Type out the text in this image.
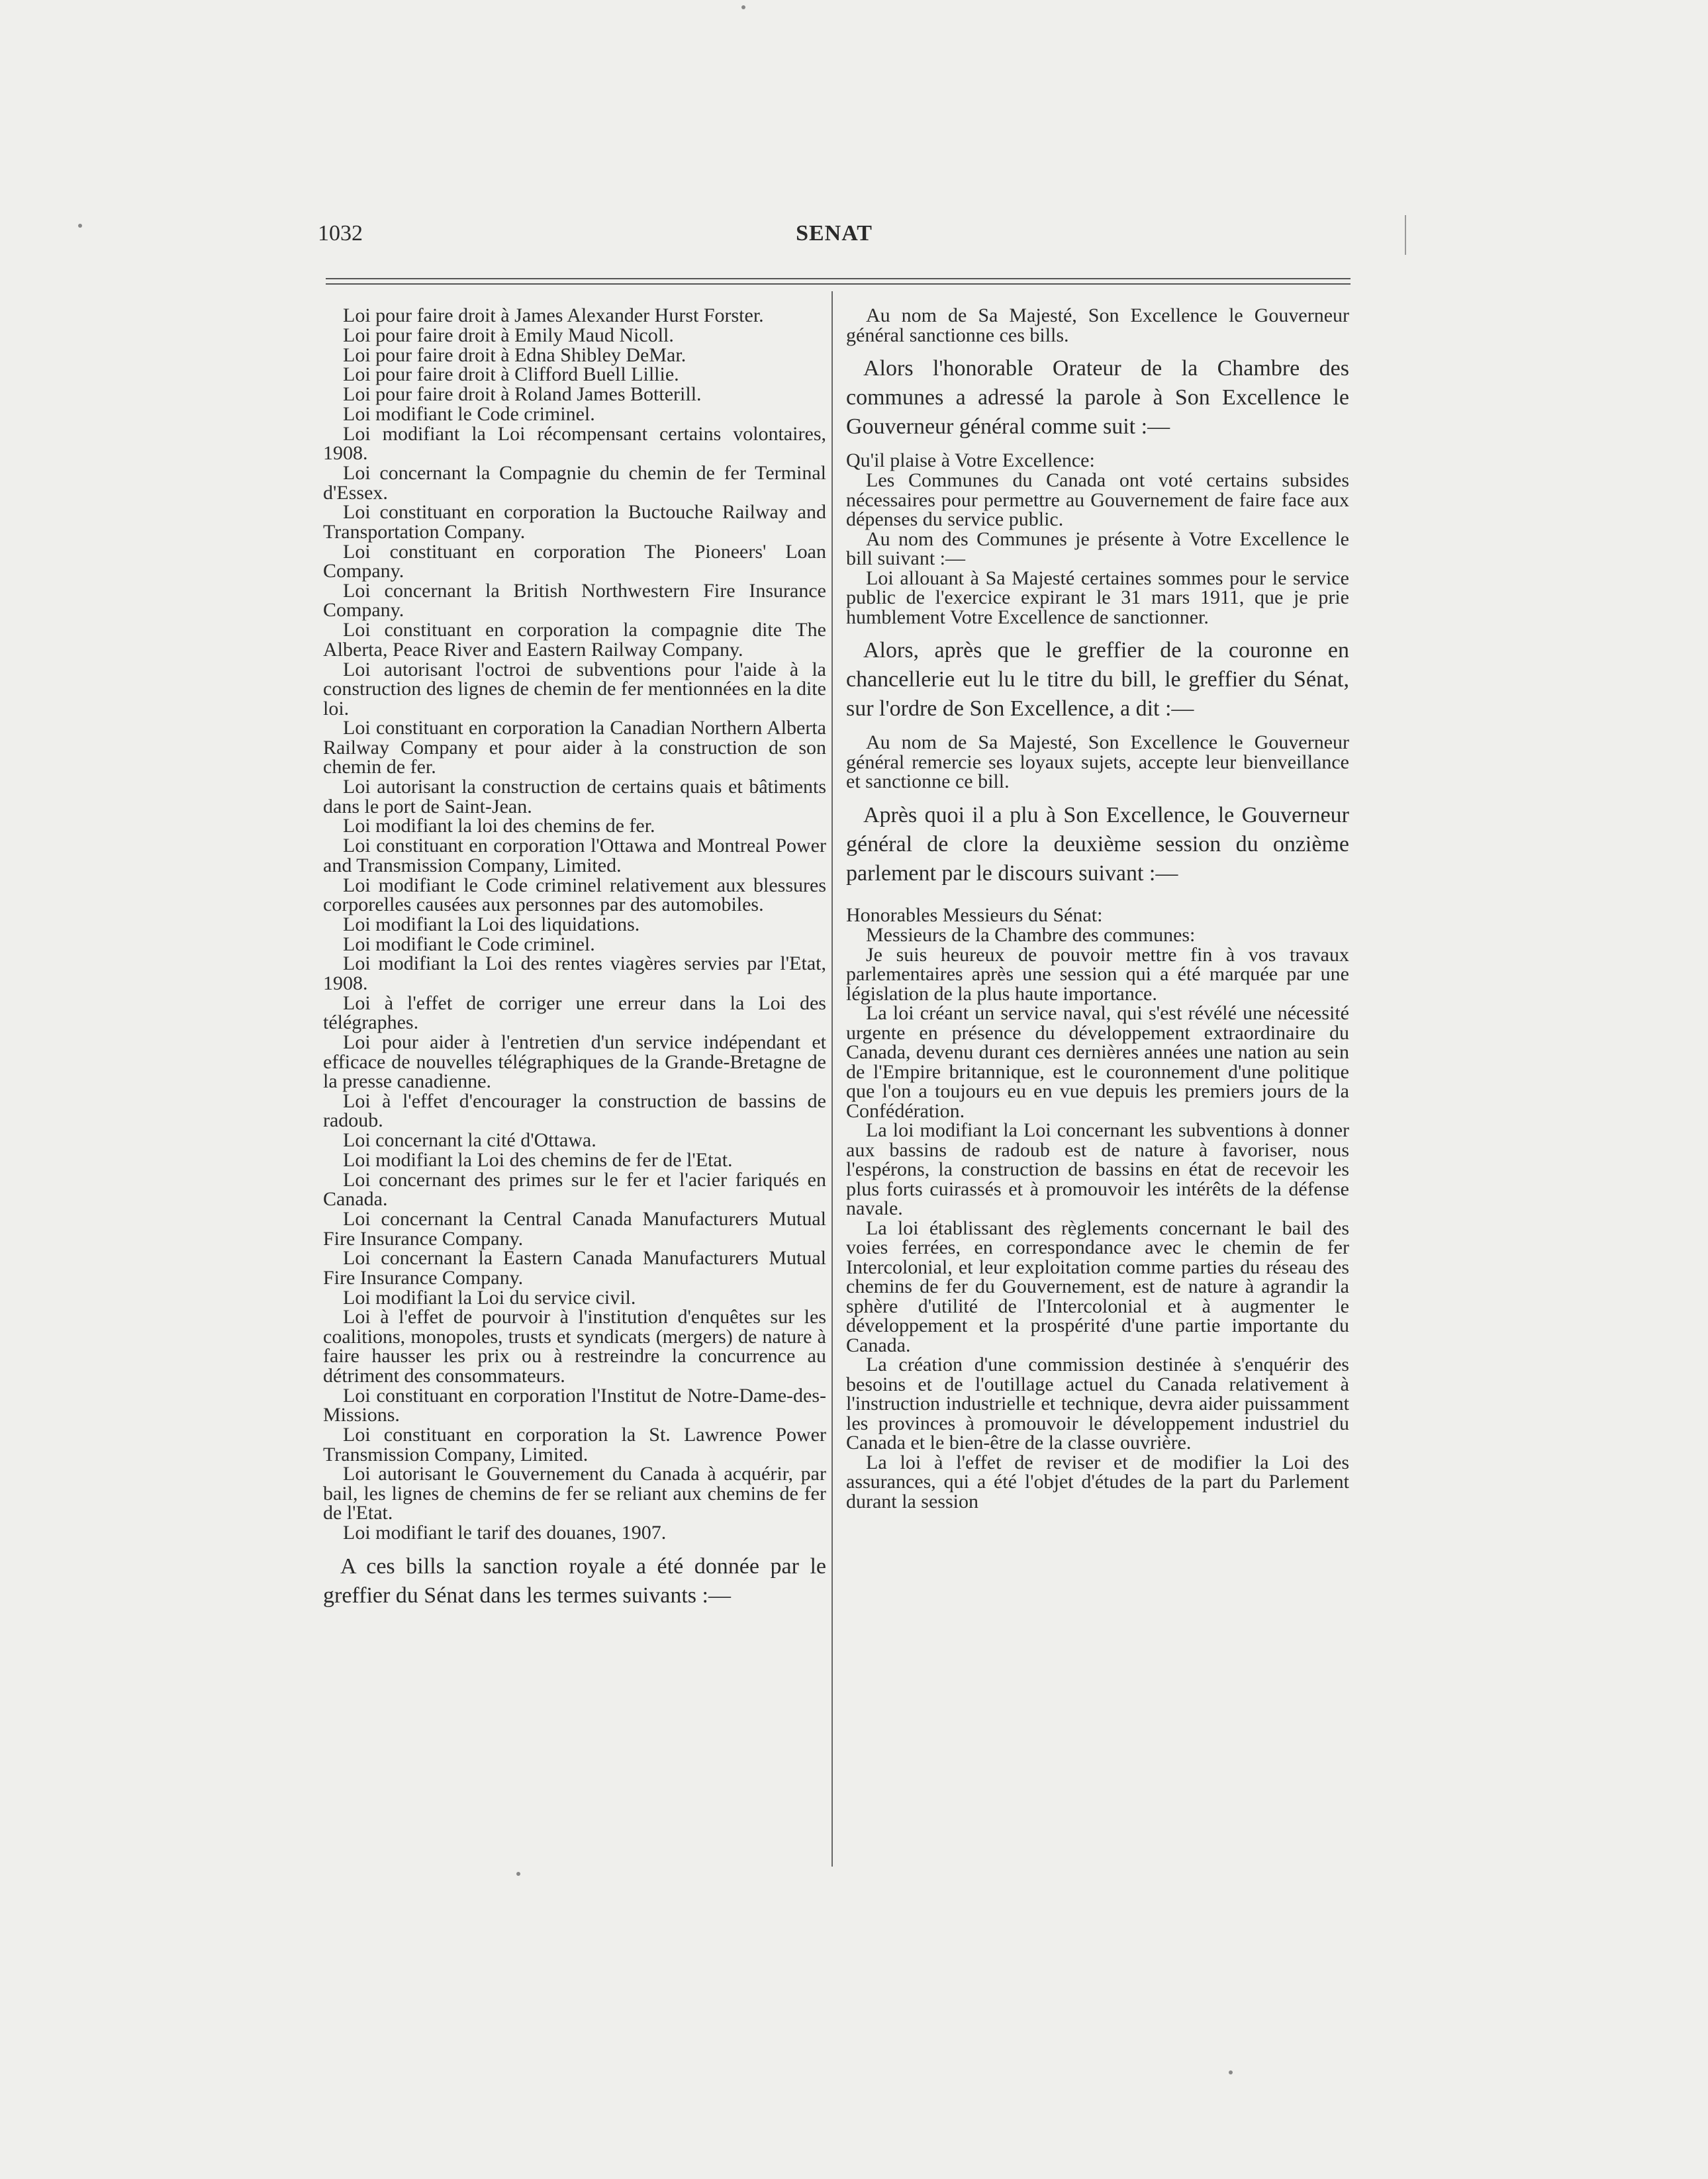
1032	SENAT

Loi pour faire droit à James Alexander Hurst Forster.

Loi pour faire droit à Emily Maud Nicoll.

Loi pour faire droit à Edna Shibley DeMar.

Loi pour faire droit à Clifford Buell Lillie.

Loi pour faire droit à Roland James Botterill.

Loi modifiant le Code criminel.

Loi modifiant la Loi récompensant certains volontaires, 1908.

Loi concernant la Compagnie du chemin de fer Terminal d'Essex.

Loi constituant en corporation la Buctouche Railway and Transportation Company.

Loi constituant en corporation The Pioneers' Loan Company.

Loi concernant la British Northwestern Fire Insurance Company.

Loi constituant en corporation la compagnie dite The Alberta, Peace River and Eastern Railway Company.

Loi autorisant l'octroi de subventions pour l'aide à la construction des lignes de chemin de fer mentionnées en la dite loi.

Loi constituant en corporation la Canadian Northern Alberta Railway Company et pour aider à la construction de son chemin de fer.

Loi autorisant la construction de certains quais et bâtiments dans le port de Saint-Jean.

Loi modifiant la loi des chemins de fer.

Loi constituant en corporation l'Ottawa and Montreal Power and Transmission Company, Limited.

Loi modifiant le Code criminel relativement aux blessures corporelles causées aux personnes par des automobiles.

Loi modifiant la Loi des liquidations.

Loi modifiant le Code criminel.

Loi modifiant la Loi des rentes viagères servies par l'Etat, 1908.

Loi à l'effet de corriger une erreur dans la Loi des télégraphes.

Loi pour aider à l'entretien d'un service indépendant et efficace de nouvelles télégraphiques de la Grande-Bretagne de la presse canadienne.

Loi à l'effet d'encourager la construction de bassins de radoub.

Loi concernant la cité d'Ottawa.

Loi modifiant la Loi des chemins de fer de l'Etat.

Loi concernant des primes sur le fer et l'acier fariqués en Canada.

Loi concernant la Central Canada Manufacturers Mutual Fire Insurance Company.

Loi concernant la Eastern Canada Manufacturers Mutual Fire Insurance Company.

Loi modifiant la Loi du service civil.

Loi à l'effet de pourvoir à l'institution d'enquêtes sur les coalitions, monopoles, trusts et syndicats (mergers) de nature à faire hausser les prix ou à restreindre la concurrence au détriment des consommateurs.

Loi constituant en corporation l'Institut de Notre-Dame-des-Missions.

Loi constituant en corporation la St. Lawrence Power Transmission Company, Limited.

Loi autorisant le Gouvernement du Canada à acquérir, par bail, les lignes de chemins de fer se reliant aux chemins de fer de l'Etat.

Loi modifiant le tarif des douanes, 1907.

A ces bills la sanction royale a été donnée par le greffier du Sénat dans les termes suivants :—

Au nom de Sa Majesté, Son Excellence le Gouverneur général sanctionne ces bills.

Alors l'honorable Orateur de la Chambre des communes a adressé la parole à Son Excellence le Gouverneur général comme suit :—

Qu'il plaise à Votre Excellence:

Les Communes du Canada ont voté certains subsides nécessaires pour permettre au Gouvernement de faire face aux dépenses du service public.

Au nom des Communes je présente à Votre Excellence le bill suivant :—

Loi allouant à Sa Majesté certaines sommes pour le service public de l'exercice expirant le 31 mars 1911, que je prie humblement Votre Excellence de sanctionner.

Alors, après que le greffier de la couronne en chancellerie eut lu le titre du bill, le greffier du Sénat, sur l'ordre de Son Excellence, a dit :—

Au nom de Sa Majesté, Son Excellence le Gouverneur général remercie ses loyaux sujets, accepte leur bienveillance et sanctionne ce bill.

Après quoi il a plu à Son Excellence, le Gouverneur général de clore la deuxième session du onzième parlement par le discours suivant :—

Honorables Messieurs du Sénat:

Messieurs de la Chambre des communes:

Je suis heureux de pouvoir mettre fin à vos travaux parlementaires après une session qui a été marquée par une législation de la plus haute importance.

La loi créant un service naval, qui s'est révélé une nécessité urgente en présence du développement extraordinaire du Canada, devenu durant ces dernières années une nation au sein de l'Empire britannique, est le couronnement d'une politique que l'on a toujours eu en vue depuis les premiers jours de la Confédération.

La loi modifiant la Loi concernant les subventions à donner aux bassins de radoub est de nature à favoriser, nous l'espérons, la construction de bassins en état de recevoir les plus forts cuirassés et à promouvoir les intérêts de la défense navale.

La loi établissant des règlements concernant le bail des voies ferrées, en correspondance avec le chemin de fer Intercolonial, et leur exploitation comme parties du réseau des chemins de fer du Gouvernement, est de nature à agrandir la sphère d'utilité de l'Intercolonial et à augmenter le développement et la prospérité d'une partie importante du Canada.

La création d'une commission destinée à s'enquérir des besoins et de l'outillage actuel du Canada relativement à l'instruction industrielle et technique, devra aider puissamment les provinces à promouvoir le développement industriel du Canada et le bien-être de la classe ouvrière.

La loi à l'effet de reviser et de modifier la Loi des assurances, qui a été l'objet d'études de la part du Parlement durant la session
